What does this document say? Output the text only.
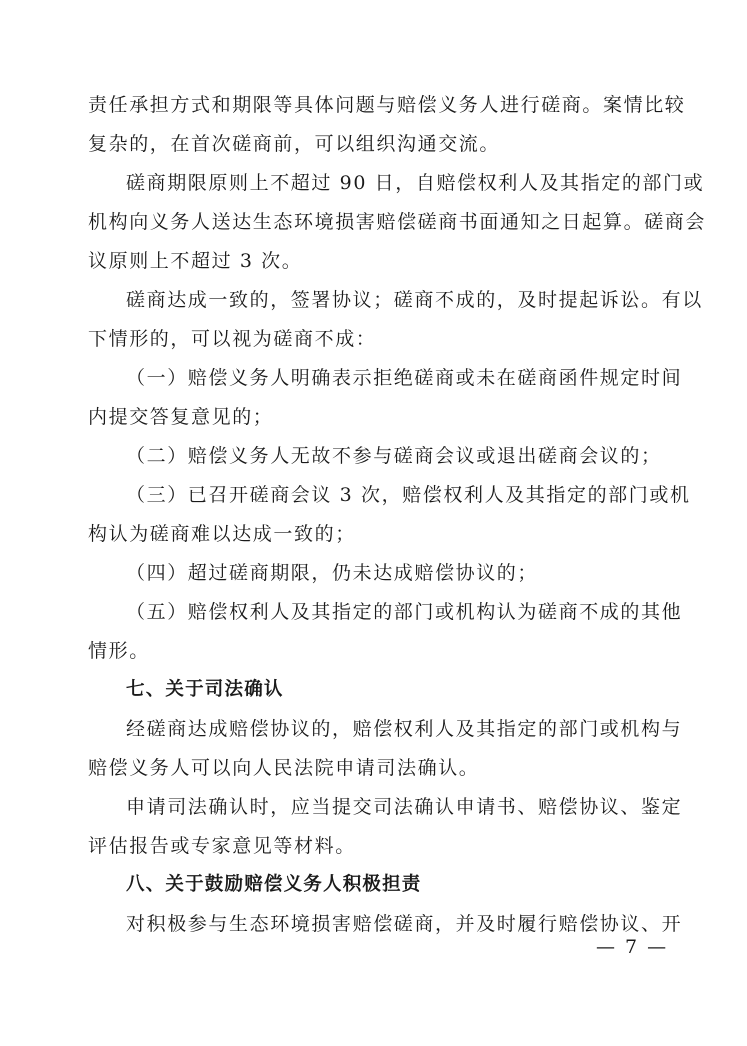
责任承担方式和期限等具体问题与赔偿义务人进行磋商。案情比较
复杂的，在首次磋商前，可以组织沟通交流。
磋商期限原则上不超过 90 日，自赔偿权利人及其指定的部门或
机构向义务人送达生态环境损害赔偿磋商书面通知之日起算。磋商会
议原则上不超过 3 次。
磋商达成一致的，签署协议；磋商不成的，及时提起诉讼。有以
下情形的，可以视为磋商不成：
（一）赔偿义务人明确表示拒绝磋商或未在磋商函件规定时间
内提交答复意见的；
（二）赔偿义务人无故不参与磋商会议或退出磋商会议的；
（三）已召开磋商会议 3 次，赔偿权利人及其指定的部门或机
构认为磋商难以达成一致的；
（四）超过磋商期限，仍未达成赔偿协议的；
（五）赔偿权利人及其指定的部门或机构认为磋商不成的其他
情形。
七、关于司法确认
经磋商达成赔偿协议的，赔偿权利人及其指定的部门或机构与
赔偿义务人可以向人民法院申请司法确认。
申请司法确认时，应当提交司法确认申请书、赔偿协议、鉴定
评估报告或专家意见等材料。
八、关于鼓励赔偿义务人积极担责
对积极参与生态环境损害赔偿磋商，并及时履行赔偿协议、开
— 7 —
